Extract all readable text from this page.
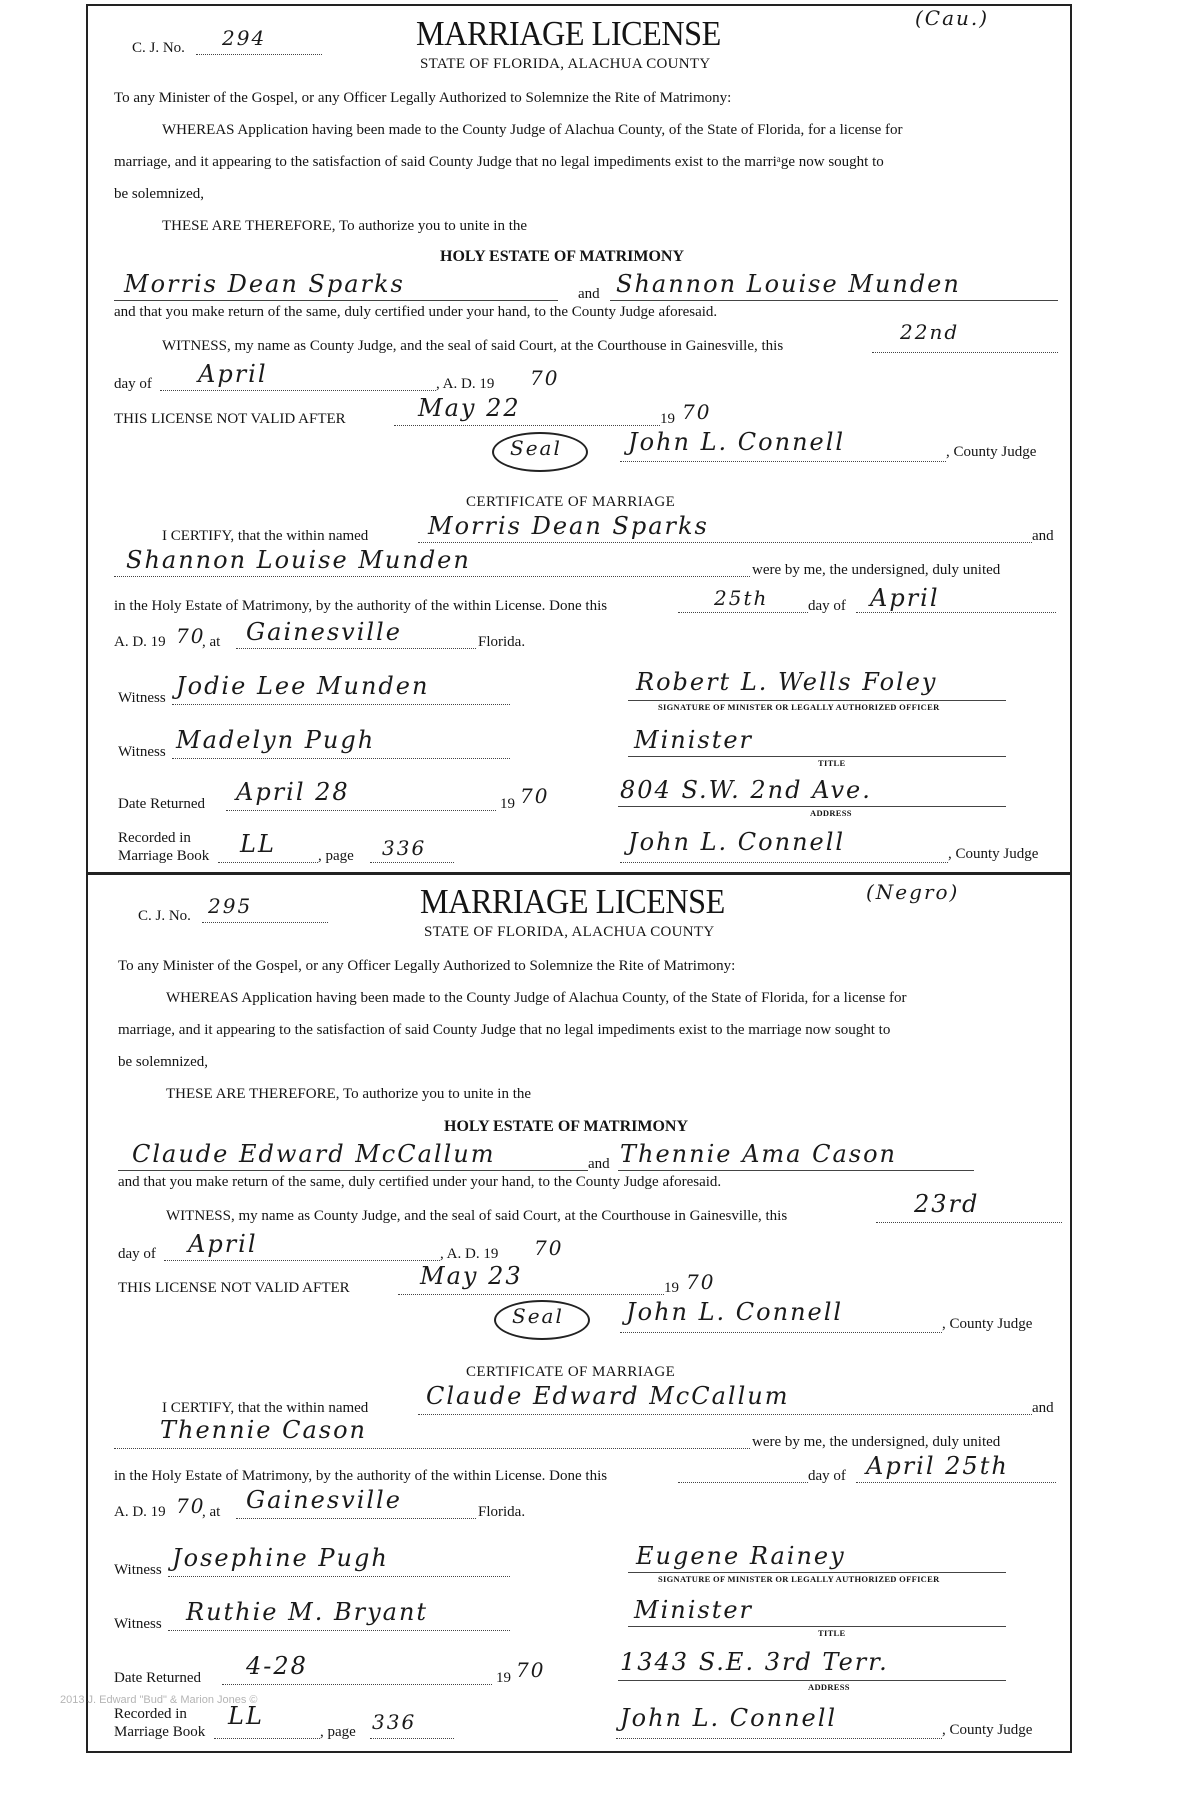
C. J. No. 294	MARRIAGE LICENSE	(Cau.)
STATE OF FLORIDA, ALACHUA COUNTY
To any Minister of the Gospel, or any Officer Legally Authorized to Solemnize the Rite of Matrimony:
WHEREAS Application having been made to the County Judge of Alachua County, of the State of Florida, for a license for
marriage, and it appearing to the satisfaction of said County Judge that no legal impediments exist to the marriᵃge now sought to
be solemnized,
THESE ARE THEREFORE, To authorize you to unite in the
HOLY ESTATE OF MATRIMONY
Morris Dean Sparks	and Shannon Louise Munden
and that you make return of the same, duly certified under your hand, to the County Judge aforesaid.
WITNESS, my name as County Judge, and the seal of said Court, at the Courthouse in Gainesville, this
22nd
day of April	, A. D. 19 70
THIS LICENSE NOT VALID AFTER	May 22	19 70
Seal	John L. Connell	, County Judge
CERTIFICATE OF MARRIAGE
I CERTIFY, that the within named Morris Dean Sparks	and
Shannon Louise Munden	were by me, the undersigned, duly united
in the Holy Estate of Matrimony, by the authority of the within License. Done this	25th	day of April
A. D. 19 70
, at Gainesville	Florida.
Witness Jodie Lee Munden	Robert L. Wells Foley
SIGNATURE OF MINISTER OR LEGALLY AUTHORIZED OFFICER
Witness Madelyn Pugh	Minister
TITLE
Date Returned April 28	19 70	804 S.W. 2nd Ave.
ADDRESS
Recorded in
Marriage Book LL	, page 336	John L. Connell	, County Judge
C. J. No. 295	MARRIAGE LICENSE	(Negro)
STATE OF FLORIDA, ALACHUA COUNTY
To any Minister of the Gospel, or any Officer Legally Authorized to Solemnize the Rite of Matrimony:
WHEREAS Application having been made to the County Judge of Alachua County, of the State of Florida, for a license for
marriage, and it appearing to the satisfaction of said County Judge that no legal impediments exist to the marriage now sought to
be solemnized,
THESE ARE THEREFORE, To authorize you to unite in the
HOLY ESTATE OF MATRIMONY
Claude Edward McCallum	and Thennie Ama Cason
and that you make return of the same, duly certified under your hand, to the County Judge aforesaid.
WITNESS, my name as County Judge, and the seal of said Court, at the Courthouse in Gainesville, this	23rd
day of April	, A. D. 19 70
THIS LICENSE NOT VALID AFTER	May 23	19 70
Seal	John L. Connell	, County Judge
CERTIFICATE OF MARRIAGE
I CERTIFY, that the within named Claude Edward McCallum	and
Thennie Cason	were by me, the undersigned, duly united
in the Holy Estate of Matrimony, by the authority of the within License. Done this	day of April 25th
A. D. 19 70
, at Gainesville	Florida.
Witness Josephine Pugh	Eugene Rainey
SIGNATURE OF MINISTER OR LEGALLY AUTHORIZED OFFICER
Witness Ruthie M. Bryant	Minister
TITLE
Date Returned 4-28	19 70	1343 S.E. 3rd Terr.
ADDRESS
Recorded in
Marriage Book
LL
, page 336	John L. Connell	, County Judge
2013 J. Edward "Bud" & Marion Jones ©
